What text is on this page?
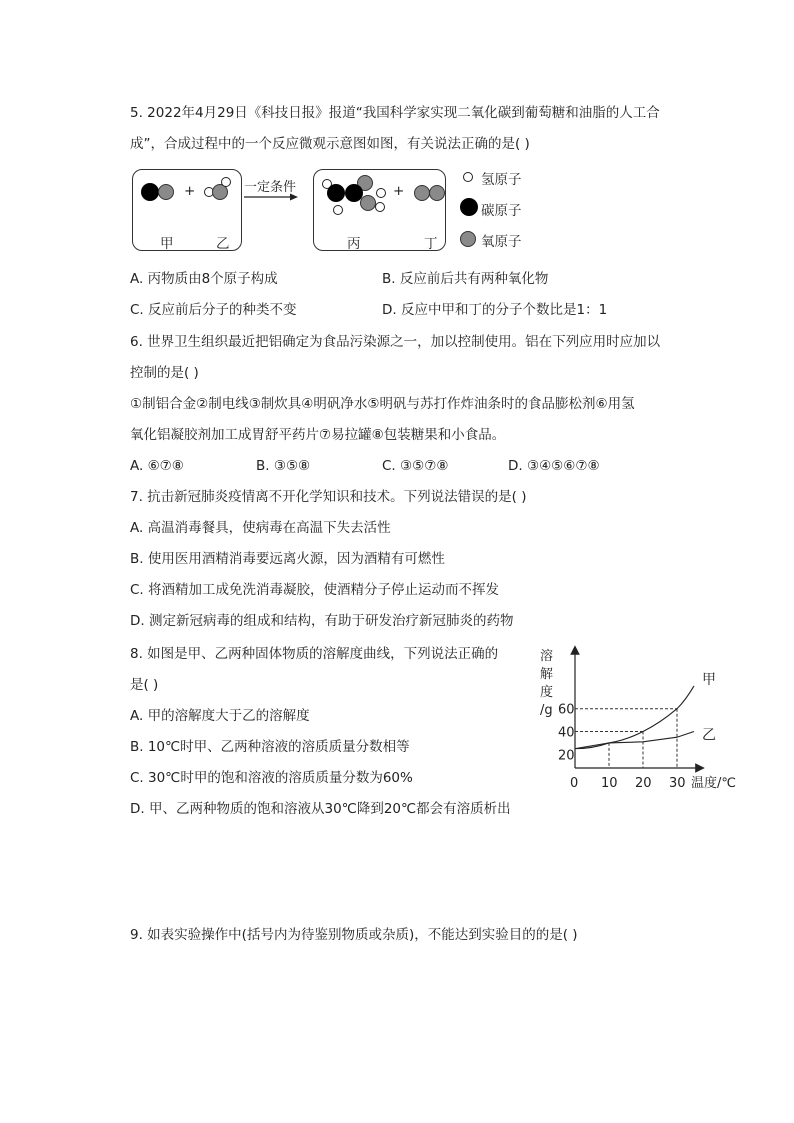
5. 2022年4月29日《科技日报》报道“我国科学家实现二氧化碳到葡萄糖和油脂的人工合
成”，合成过程中的一个反应微观示意图如图，有关说法正确的是( )
+
甲	乙
一定条件	+
丙	丁
氢原子
碳原子
氧原子
A. 丙物质由8个原子构成	B. 反应前后共有两种氧化物
C. 反应前后分子的种类不变	D. 反应中甲和丁的分子个数比是1：1
6. 世界卫生组织最近把铝确定为食品污染源之一，加以控制使用。铝在下列应用时应加以
控制的是( )
①制铝合金②制电线③制炊具④明矾净水⑤明矾与苏打作炸油条时的食品膨松剂⑥用氢
氧化铝凝胶剂加工成胃舒平药片⑦易拉罐⑧包装糖果和小食品。
A. ⑥⑦⑧	B. ③⑤⑧	C. ③⑤⑦⑧	D. ③④⑤⑥⑦⑧
7. 抗击新冠肺炎疫情离不开化学知识和技术。下列说法错误的是( )
A. 高温消毒餐具，使病毒在高温下失去活性
B. 使用医用酒精消毒要远离火源，因为酒精有可燃性
C. 将酒精加工成免洗消毒凝胶，使酒精分子停止运动而不挥发
D. 测定新冠病毒的组成和结构，有助于研发治疗新冠肺炎的药物
8. 如图是甲、乙两种固体物质的溶解度曲线，下列说法正确的
是( )
A. 甲的溶解度大于乙的溶解度
B. 10℃时甲、乙两种溶液的溶质质量分数相等
C. 30℃时甲的饱和溶液的溶质质量分数为60%
D. 甲、乙两种物质的饱和溶液从30℃降到20℃都会有溶质析出
溶
解
度
/g
甲
乙
0 10 20 30
20
40
60
温度/℃
9. 如表实验操作中(括号内为待鉴别物质或杂质)，不能达到实验目的的是( )
